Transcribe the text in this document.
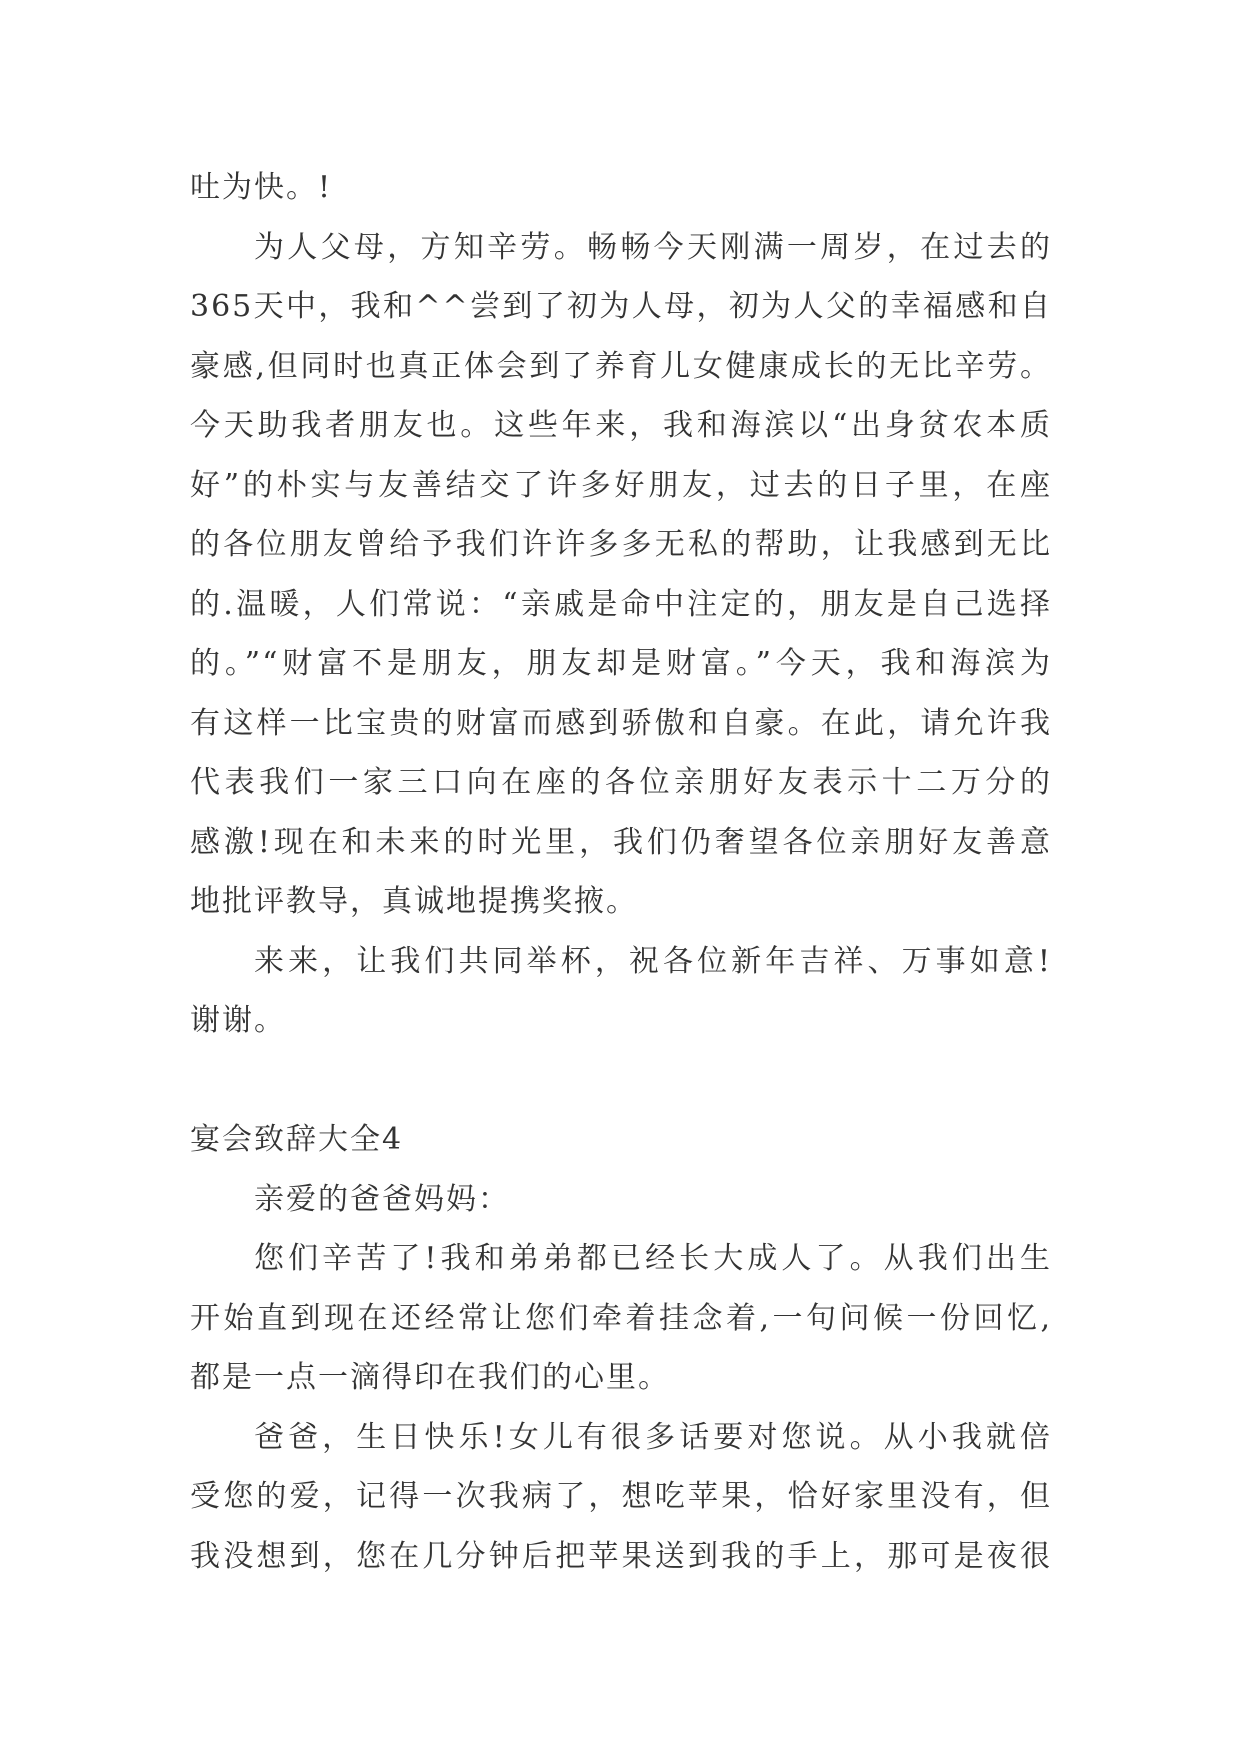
吐为快。!
为人父母，方知辛劳。畅畅今天刚满一周岁，在过去的
365天中，我和^^尝到了初为人母，初为人父的幸福感和自
豪感,但同时也真正体会到了养育儿女健康成长的无比辛劳。
今天助我者朋友也。这些年来，我和海滨以“出身贫农本质
好”的朴实与友善结交了许多好朋友，过去的日子里，在座
的各位朋友曾给予我们许许多多无私的帮助，让我感到无比
的.温暖，人们常说：“亲戚是命中注定的，朋友是自己选择
的。”“财富不是朋友，朋友却是财富。”今天，我和海滨为
有这样一比宝贵的财富而感到骄傲和自豪。在此，请允许我
代表我们一家三口向在座的各位亲朋好友表示十二万分的
感激!现在和未来的时光里，我们仍奢望各位亲朋好友善意
地批评教导，真诚地提携奖掖。
来来，让我们共同举杯，祝各位新年吉祥、万事如意!
谢谢。
宴会致辞大全4
亲爱的爸爸妈妈：
您们辛苦了!我和弟弟都已经长大成人了。从我们出生
开始直到现在还经常让您们牵着挂念着,一句问候一份回忆,
都是一点一滴得印在我们的心里。
爸爸，生日快乐!女儿有很多话要对您说。从小我就倍
受您的爱，记得一次我病了，想吃苹果，恰好家里没有，但
我没想到，您在几分钟后把苹果送到我的手上，那可是夜很
